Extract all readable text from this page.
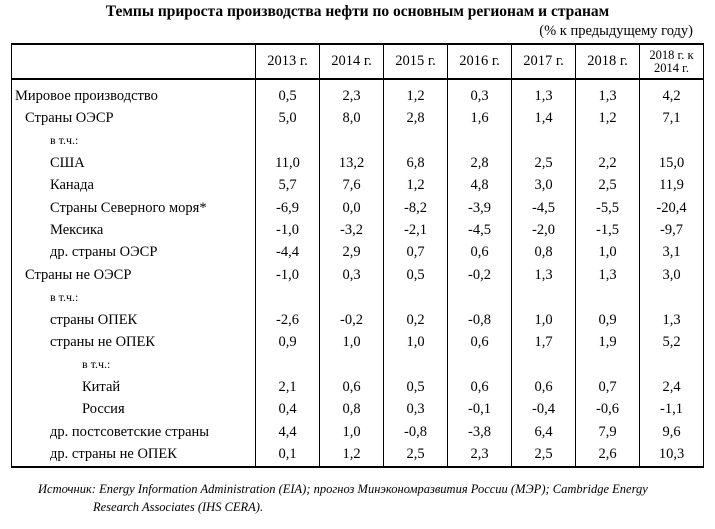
Темпы прироста производства нефти по основным регионам и странам
(% к предыдущему году)
	2013 г.	2014 г.	2015 г.	2016 г.	2017 г.	2018 г.	2018 г. к
2014 г.
Мировое производство	0,5	2,3	1,2	0,3	1,3	1,3	4,2
Страны ОЭСР	5,0	8,0	2,8	1,6	1,4	1,2	7,1
в т.ч.:							
США	11,0	13,2	6,8	2,8	2,5	2,2	15,0
Канада	5,7	7,6	1,2	4,8	3,0	2,5	11,9
Страны Северного моря*	-6,9	0,0	-8,2	-3,9	-4,5	-5,5	-20,4
Мексика	-1,0	-3,2	-2,1	-4,5	-2,0	-1,5	-9,7
др. страны ОЭСР	-4,4	2,9	0,7	0,6	0,8	1,0	3,1
Страны не ОЭСР	-1,0	0,3	0,5	-0,2	1,3	1,3	3,0
в т.ч.:							
страны ОПЕК	-2,6	-0,2	0,2	-0,8	1,0	0,9	1,3
страны не ОПЕК	0,9	1,0	1,0	0,6	1,7	1,9	5,2
в т.ч.:							
Китай	2,1	0,6	0,5	0,6	0,6	0,7	2,4
Россия	0,4	0,8	0,3	-0,1	-0,4	-0,6	-1,1
др. постсоветские страны	4,4	1,0	-0,8	-3,8	6,4	7,9	9,6
др. страны не ОПЕК	0,1	1,2	2,5	2,3	2,5	2,6	10,3
Источник: Energy Information Administration (EIA); прогноз Минэкономразвития России (МЭР); Cambridge Energy
Research Associates (IHS CERA).
